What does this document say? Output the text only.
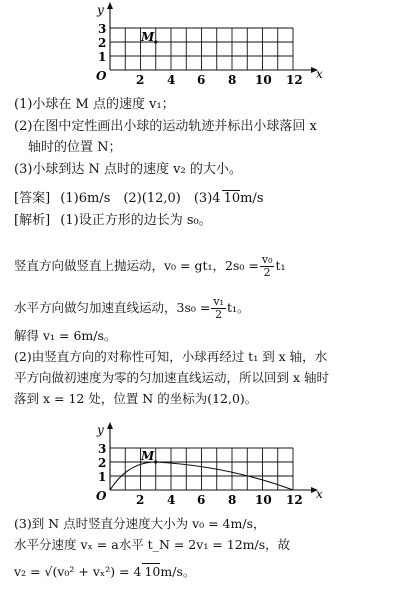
y
x
O
3
2
1
2 4 6 8 10 12
M
(1)小球在 M 点的速度 v₁；
(2)在图中定性画出小球的运动轨迹并标出小球落回 x
轴时的位置 N；
(3)小球到达 N 点时的速度 v₂ 的大小。
[答案] (1)6m/s　(2)(12,0)　(3)4 10m/s
[解析] (1)设正方形的边长为 s₀。
竖直方向做竖直上抛运动，v₀ = gt₁，$2s_0 = \frac{\text{v₀}}{2} t_1$
水平方向做匀加速直线运动，$3s_0 = \frac{\text{v₁}}{2} t_1$。
解得 v₁ = 6m/s。
(2)由竖直方向的对称性可知，小球再经过 t₁ 到 x 轴，水
平方向做初速度为零的匀加速直线运动，所以回到 x 轴时
落到 x = 12 处，位置 N 的坐标为(12,0)。
y
x
O
3
2
1
2 4 6 8 10 12
M
(3)到 N 点时竖直分速度大小为 v₀ = 4m/s，
水平分速度 vₓ = a水平 t_N = 2v₁ = 12m/s，故
v₂ = √(v₀² + vₓ²) = 4 10m/s。
